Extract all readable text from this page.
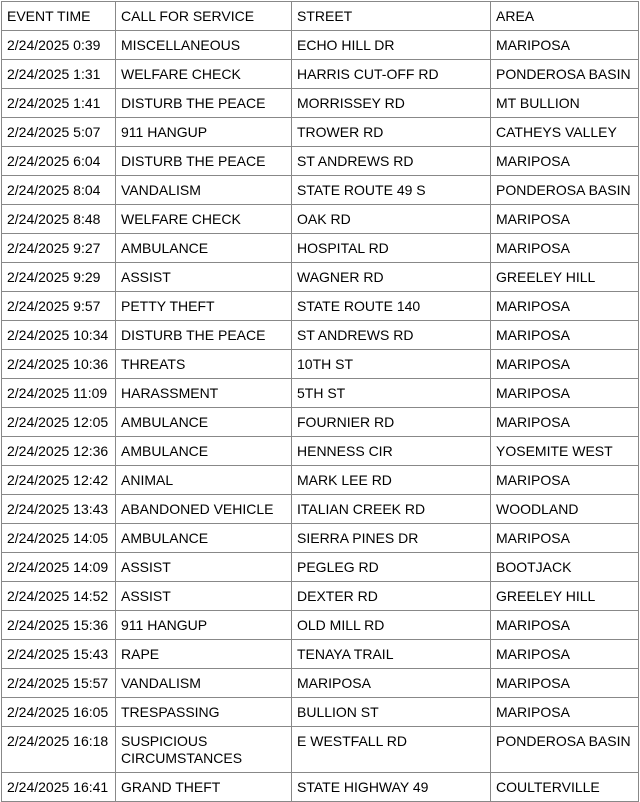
EVENT TIME	CALL FOR SERVICE	STREET	AREA
2/24/2025 0:39	MISCELLANEOUS	ECHO HILL DR	MARIPOSA
2/24/2025 1:31	WELFARE CHECK	HARRIS CUT-OFF RD	PONDEROSA BASIN
2/24/2025 1:41	DISTURB THE PEACE	MORRISSEY RD	MT BULLION
2/24/2025 5:07	911 HANGUP	TROWER RD	CATHEYS VALLEY
2/24/2025 6:04	DISTURB THE PEACE	ST ANDREWS RD	MARIPOSA
2/24/2025 8:04	VANDALISM	STATE ROUTE 49 S	PONDEROSA BASIN
2/24/2025 8:48	WELFARE CHECK	OAK RD	MARIPOSA
2/24/2025 9:27	AMBULANCE	HOSPITAL RD	MARIPOSA
2/24/2025 9:29	ASSIST	WAGNER RD	GREELEY HILL
2/24/2025 9:57	PETTY THEFT	STATE ROUTE 140	MARIPOSA
2/24/2025 10:34	DISTURB THE PEACE	ST ANDREWS RD	MARIPOSA
2/24/2025 10:36	THREATS	10TH ST	MARIPOSA
2/24/2025 11:09	HARASSMENT	5TH ST	MARIPOSA
2/24/2025 12:05	AMBULANCE	FOURNIER RD	MARIPOSA
2/24/2025 12:36	AMBULANCE	HENNESS CIR	YOSEMITE WEST
2/24/2025 12:42	ANIMAL	MARK LEE RD	MARIPOSA
2/24/2025 13:43	ABANDONED VEHICLE	ITALIAN CREEK RD	WOODLAND
2/24/2025 14:05	AMBULANCE	SIERRA PINES DR	MARIPOSA
2/24/2025 14:09	ASSIST	PEGLEG RD	BOOTJACK
2/24/2025 14:52	ASSIST	DEXTER RD	GREELEY HILL
2/24/2025 15:36	911 HANGUP	OLD MILL RD	MARIPOSA
2/24/2025 15:43	RAPE	TENAYA TRAIL	MARIPOSA
2/24/2025 15:57	VANDALISM	MARIPOSA	MARIPOSA
2/24/2025 16:05	TRESPASSING	BULLION ST	MARIPOSA
2/24/2025 16:18	SUSPICIOUS CIRCUMSTANCES	E WESTFALL RD	PONDEROSA BASIN
2/24/2025 16:41	GRAND THEFT	STATE HIGHWAY 49	COULTERVILLE
